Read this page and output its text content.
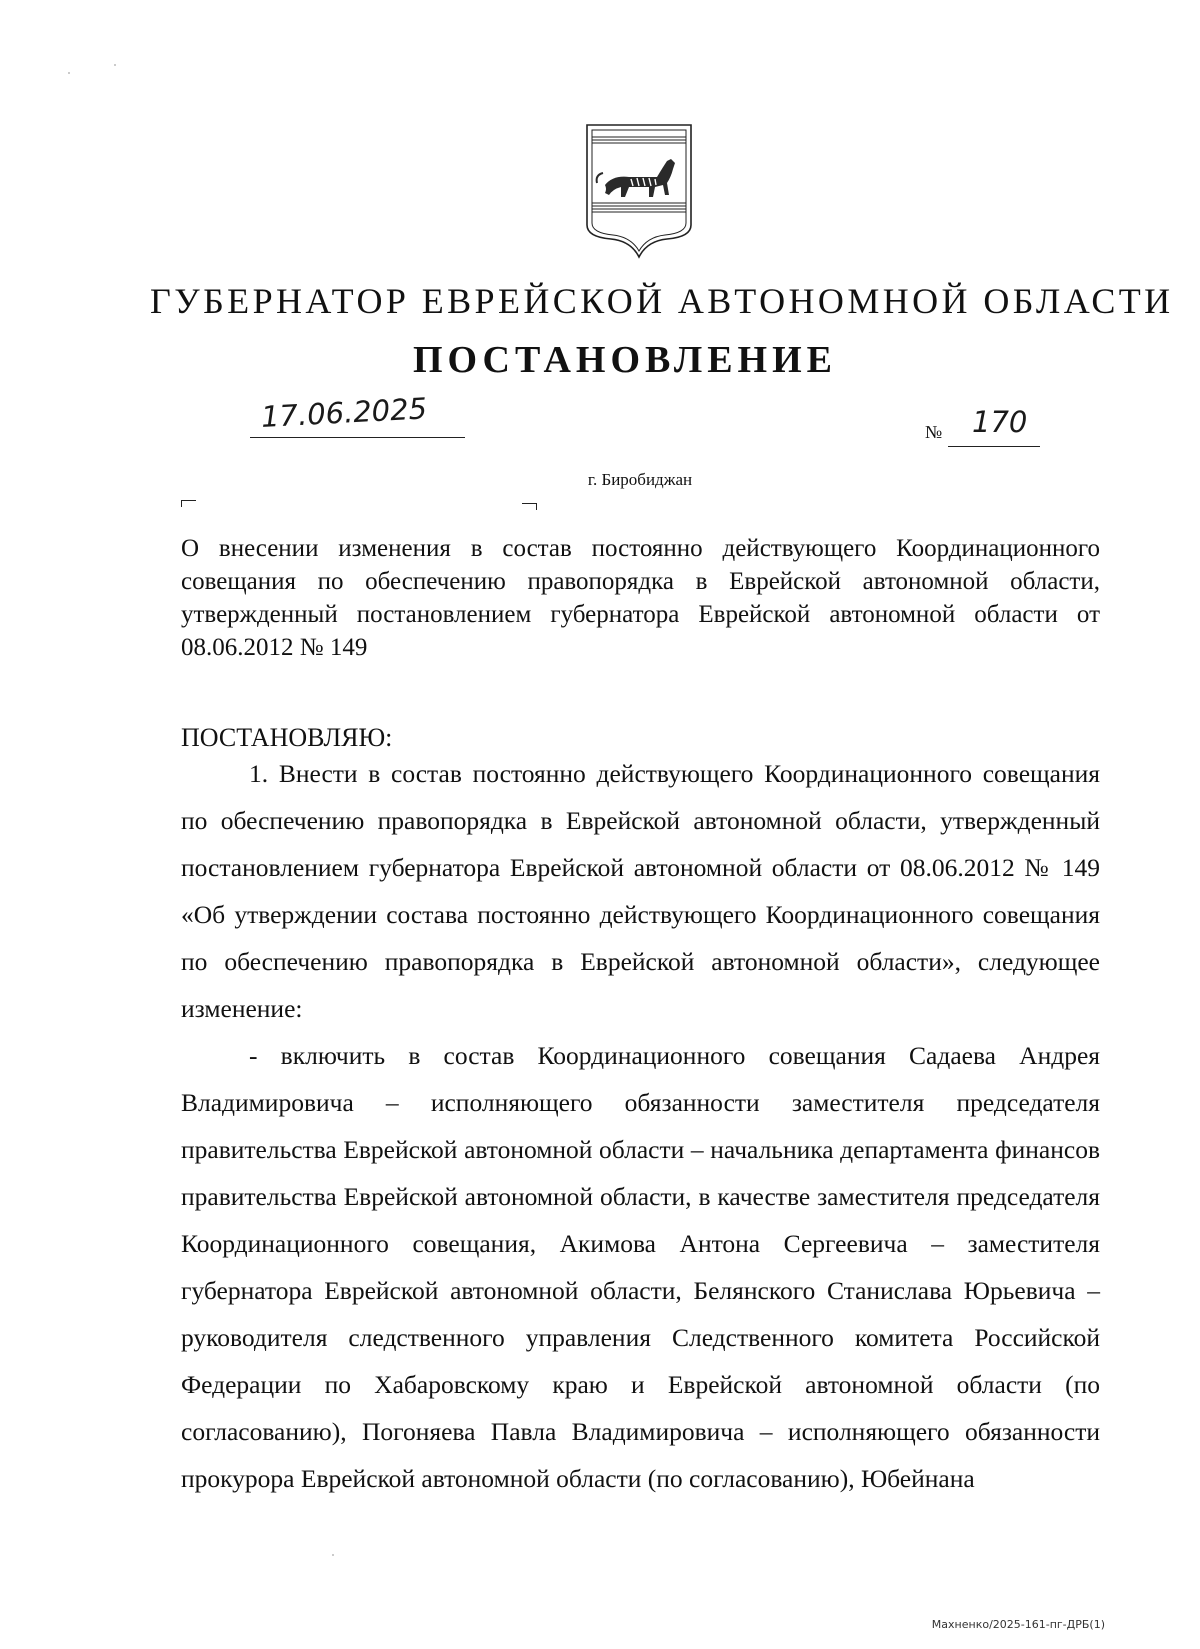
ГУБЕРНАТОР ЕВРЕЙСКОЙ АВТОНОМНОЙ ОБЛАСТИ
ПОСТАНОВЛЕНИЕ
17.06.2025	№ 170
г. Биробиджан
О внесении изменения в состав постоянно действующего Координационного совещания по обеспечению правопорядка в Еврейской автономной области, утвержденный постановлением губернатора Еврейской автономной области от 08.06.2012 № 149
ПОСТАНОВЛЯЮ:

1. Внести в состав постоянно действующего Координационного совещания по обеспечению правопорядка в Еврейской автономной области, утвержденный постановлением губернатора Еврейской автономной области от 08.06.2012 № 149 «Об утверждении состава постоянно действующего Координационного совещания по обеспечению правопорядка в Еврейской автономной области», следующее изменение:

- включить в состав Координационного совещания Садаева Андрея Владимировича – исполняющего обязанности заместителя председателя правительства Еврейской автономной области – начальника департамента финансов правительства Еврейской автономной области, в качестве заместителя председателя Координационного совещания, Акимова Антона Сергеевича – заместителя губернатора Еврейской автономной области, Белянского Станислава Юрьевича – руководителя следственного управления Следственного комитета Российской Федерации по Хабаровскому краю и Еврейской автономной области (по согласованию), Погоняева Павла Владимировича – исполняющего обязанности прокурора Еврейской автономной области (по согласованию), Юбейнана

Махненко/2025-161-пг-ДРБ(1)
